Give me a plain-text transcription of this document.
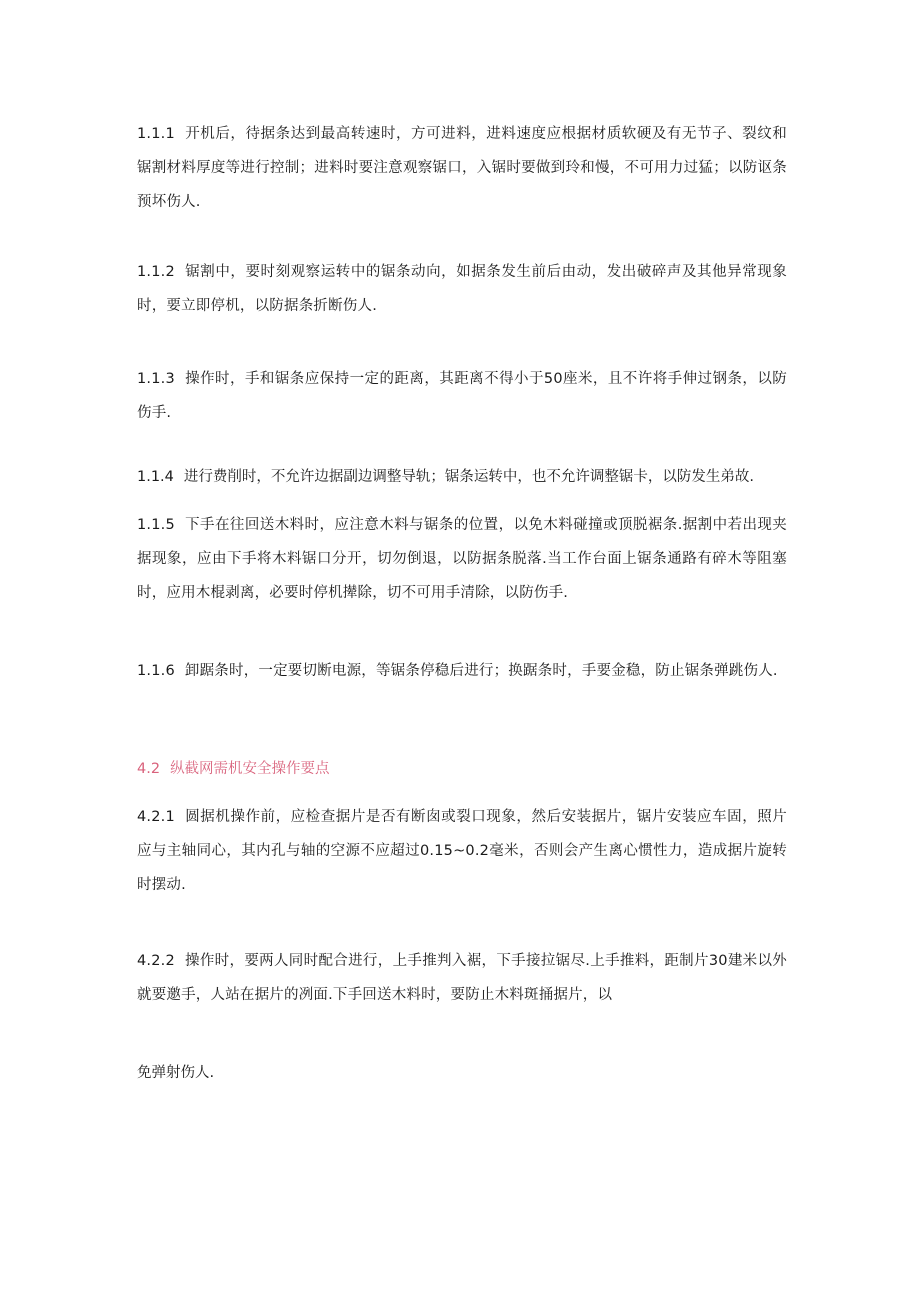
1.1.1 开机后，待据条达到最高转速时，方可进料，进料速度应根据材质软硬及有无节子、裂纹和锯割材料厚度等进行控制；进料时要注意观察锯口，入锯时要做到玲和慢，不可用力过猛；以防讴条预坏伤人.

1.1.2 锯割中，要时刻观察运转中的锯条动向，如据条发生前后由动，发出破碎声及其他异常现象时，要立即停机，以防据条折断伤人.

1.1.3 操作时，手和锯条应保持一定的距离，其距离不得小于50座米，且不许将手伸过钢条，以防伤手.

1.1.4 进行费削时，不允许边据副边调整导轨；锯条运转中，也不允许调整锯卡，以防发生弟故.

1.1.5 下手在往回送木料时，应注意木料与锯条的位置，以免木料碰撞或顶脱裾条.据割中若出现夹据现象，应由下手将木料锯口分开，切勿倒退，以防据条脱落.当工作台面上锯条通路有碎木等阻塞时，应用木棍剥离，必要时停机撵除，切不可用手清除，以防伤手.

1.1.6 卸踞条时，一定要切断电源，等锯条停稳后进行；换踞条时，手要金稳，防止锯条弹跳伤人.

4.2 纵截网需机安全操作要点

4.2.1 圆据机操作前，应检查据片是否有断囱或裂口现象，然后安装据片，锯片安装应车固，照片应与主轴同心，其内孔与轴的空源不应超过0.15~0.2毫米，否则会产生离心惯性力，造成据片旋转时摆动.

4.2.2 操作时，要两人同时配合进行，上手推判入裾，下手接拉锯尽.上手推料，距制片30建米以外就要邀手，人站在据片的冽面.下手回送木料时，要防止木料斑捅据片，以

免弹射伤人.
